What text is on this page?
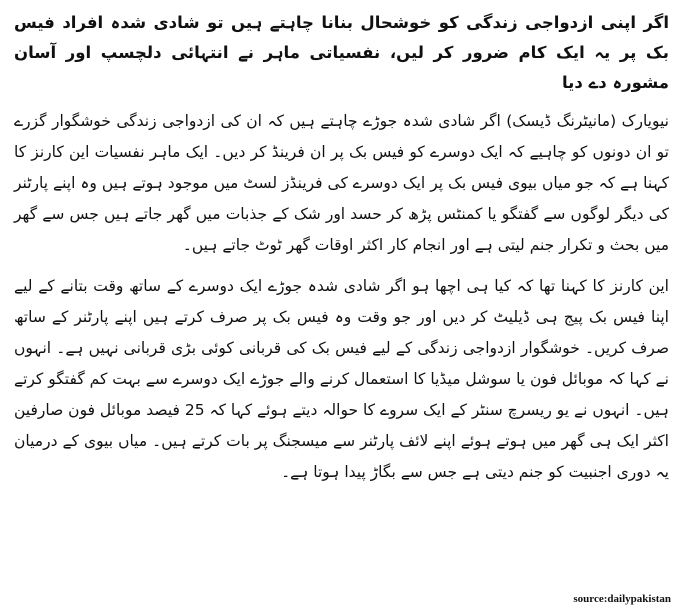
اگر اپنی ازدواجی زندگی کو خوشحال بنانا چاہتے ہیں تو شادی شدہ افراد فیس بک پر یہ ایک کام ضرور کر لیں، نفسیاتی ماہر نے انتہائی دلچسپ اور آسان مشورہ دے دیا

نیویارک (مانیٹرنگ ڈیسک) اگر شادی شدہ جوڑے چاہتے ہیں کہ ان کی ازدواجی زندگی خوشگوار گزرے تو ان دونوں کو چاہیے کہ ایک دوسرے کو فیس بک پر ان فرینڈ کر دیں۔ ایک ماہر نفسیات این کارنز کا کہنا ہے کہ جو میاں بیوی فیس بک پر ایک دوسرے کی فرینڈز لسٹ میں موجود ہوتے ہیں وہ اپنے پارٹنر کی دیگر لوگوں سے گفتگو یا کمنٹس پڑھ کر حسد اور شک کے جذبات میں گھر جاتے ہیں جس سے گھر میں بحث و تکرار جنم لیتی ہے اور انجام کار اکثر اوقات گھر ٹوٹ جاتے ہیں۔

این کارنز کا کہنا تھا کہ کیا ہی اچھا ہو اگر شادی شدہ جوڑے ایک دوسرے کے ساتھ وقت بتانے کے لیے اپنا فیس بک پیج ہی ڈیلیٹ کر دیں اور جو وقت وہ فیس بک پر صرف کرتے ہیں اپنے پارٹنر کے ساتھ صرف کریں۔ خوشگوار ازدواجی زندگی کے لیے فیس بک کی قربانی کوئی بڑی قربانی نہیں ہے۔ انہوں نے کہا کہ موبائل فون یا سوشل میڈیا کا استعمال کرنے والے جوڑے ایک دوسرے سے بہت کم گفتگو کرتے ہیں۔ انہوں نے یو ریسرچ سنٹر کے ایک سروے کا حوالہ دیتے ہوئے کہا کہ 25 فیصد موبائل فون صارفین اکثر ایک ہی گھر میں ہوتے ہوئے اپنے لائف پارٹنر سے میسجنگ پر بات کرتے ہیں۔ میاں بیوی کے درمیان یہ دوری اجنبیت کو جنم دیتی ہے جس سے بگاڑ پیدا ہوتا ہے۔

source:dailypakistan
